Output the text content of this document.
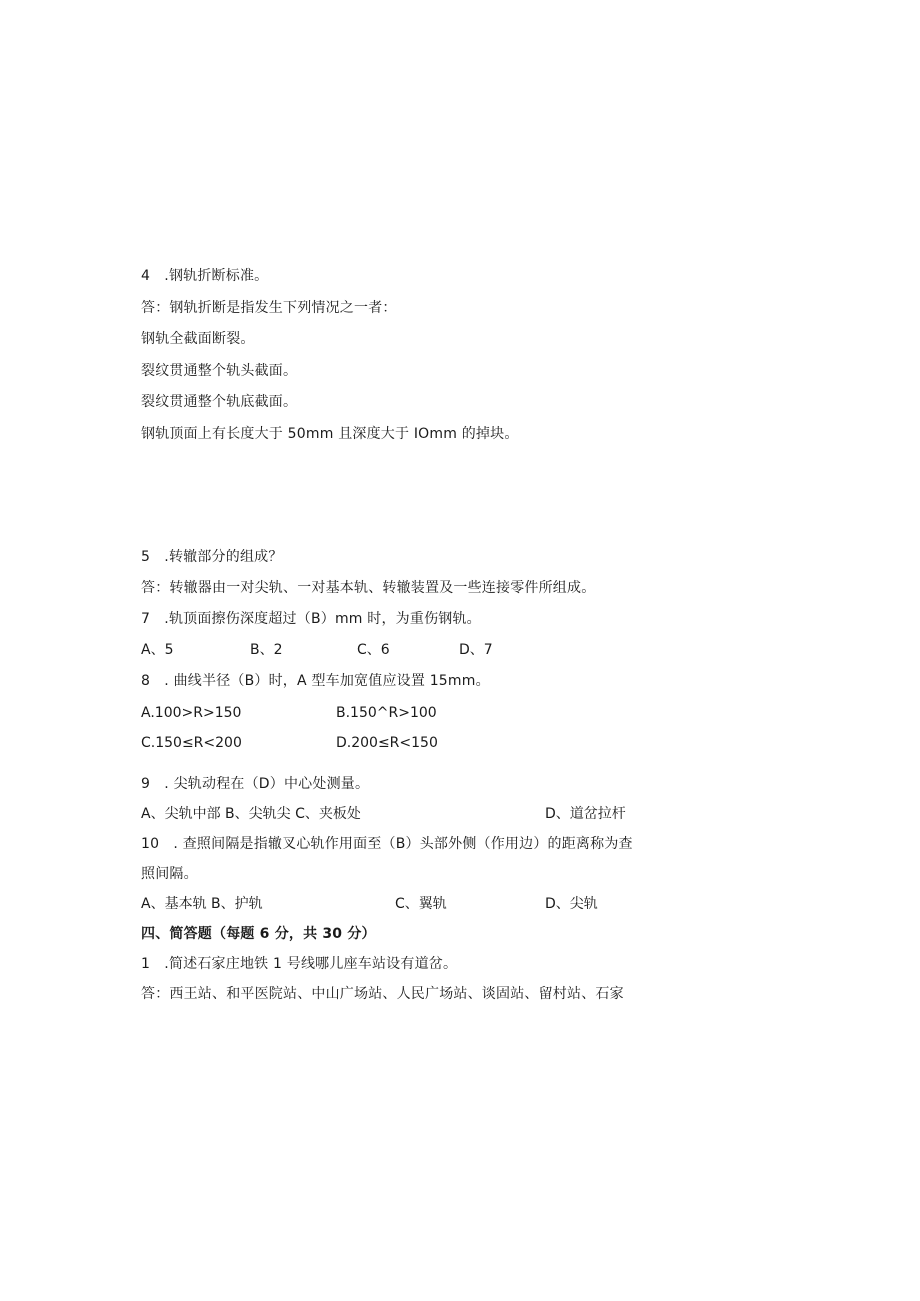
4　.钢轨折断标准。
答：钢轨折断是指发生下列情况之一者：
钢轨全截面断裂。
裂纹贯通整个轨头截面。
裂纹贯通整个轨底截面。
钢轨顶面上有长度大于 50mm 且深度大于 IOmm 的掉块。
5　.转辙部分的组成？
答：转辙器由一对尖轨、一对基本轨、转辙装置及一些连接零件所组成。
7　.轨顶面擦伤深度超过（B）mm 时，为重伤钢轨。
A、5	B、2	C、6	D、7
8　. 曲线半径（B）时，A 型车加宽值应设置 15mm。
A.100>R>150	B.150^R>100
C.150≤R<200	D.200≤R<150
9　. 尖轨动程在（D）中心处测量。
A、尖轨中部 B、尖轨尖 C、夹板处	D、道岔拉杆
10　. 查照间隔是指辙叉心轨作用面至（B）头部外侧（作用边）的距离称为查
照间隔。
A、基本轨 B、护轨	C、翼轨	D、尖轨
四、简答题（每题 6 分，共 30 分）
1　.简述石家庄地铁 1 号线哪儿座车站设有道岔。
答：西王站、和平医院站、中山广场站、人民广场站、谈固站、留村站、石家
